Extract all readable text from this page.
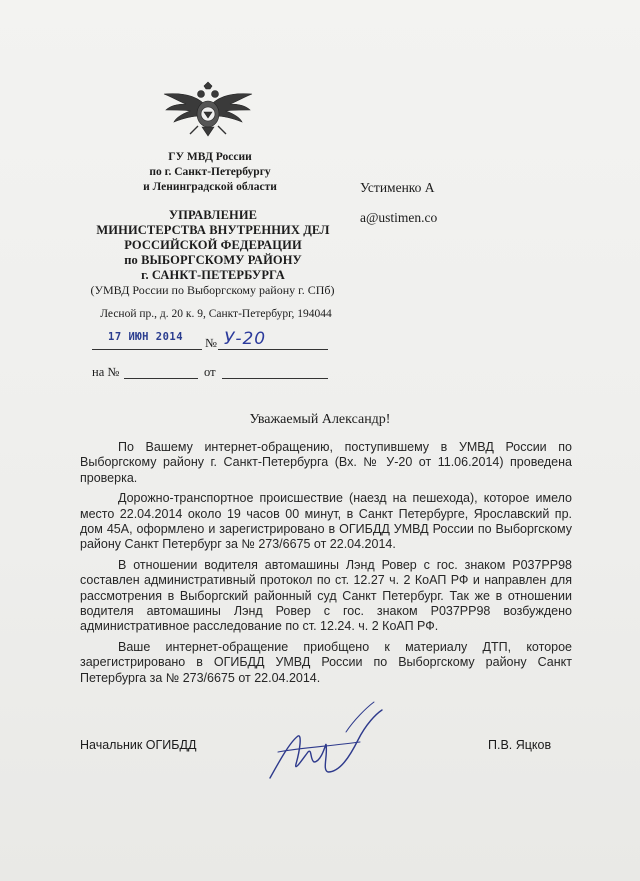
ГУ МВД России
по г. Санкт-Петербургу
и Ленинградской области
УПРАВЛЕНИЕ
МИНИСТЕРСТВА ВНУТРЕННИХ ДЕЛ
РОССИЙСКОЙ ФЕДЕРАЦИИ
по ВЫБОРГСКОМУ РАЙОНУ
г. САНКТ-ПЕТЕРБУРГА
(УМВД России по Выборгскому району г. СПб)
Лесной пр., д. 20 к. 9, Санкт-Петербург, 194044
Устименко А
a@ustimen.co
17 ИЮН 2014 № У-20
на №	от
Уважаемый Александр!

По Вашему интернет-обращению, поступившему в УМВД России по Выборгскому району г. Санкт-Петербурга (Вх. № У-20 от 11.06.2014) проведена проверка.

Дорожно-транспортное происшествие (наезд на пешехода), которое имело место 22.04.2014 около 19 часов 00 минут, в Санкт Петербурге, Ярославский пр. дом 45А, оформлено и зарегистрировано в ОГИБДД УМВД России по Выборгскому району Санкт Петербург за № 273/6675 от 22.04.2014.

В отношении водителя автомашины Лэнд Ровер с гос. знаком Р037РР98 составлен административный протокол по ст. 12.27 ч. 2 КоАП РФ и направлен для рассмотрения в Выборгский районный суд Санкт Петербург. Так же в отношении водителя автомашины Лэнд Ровер с гос. знаком Р037РР98 возбуждено административное расследование по ст. 12.24. ч. 2 КоАП РФ.

Ваше интернет-обращение приобщено к материалу ДТП, которое зарегистрировано в ОГИБДД УМВД России по Выборгскому району Санкт Петербурга за № 273/6675 от 22.04.2014.

Начальник ОГИБДД	П.В. Яцков
